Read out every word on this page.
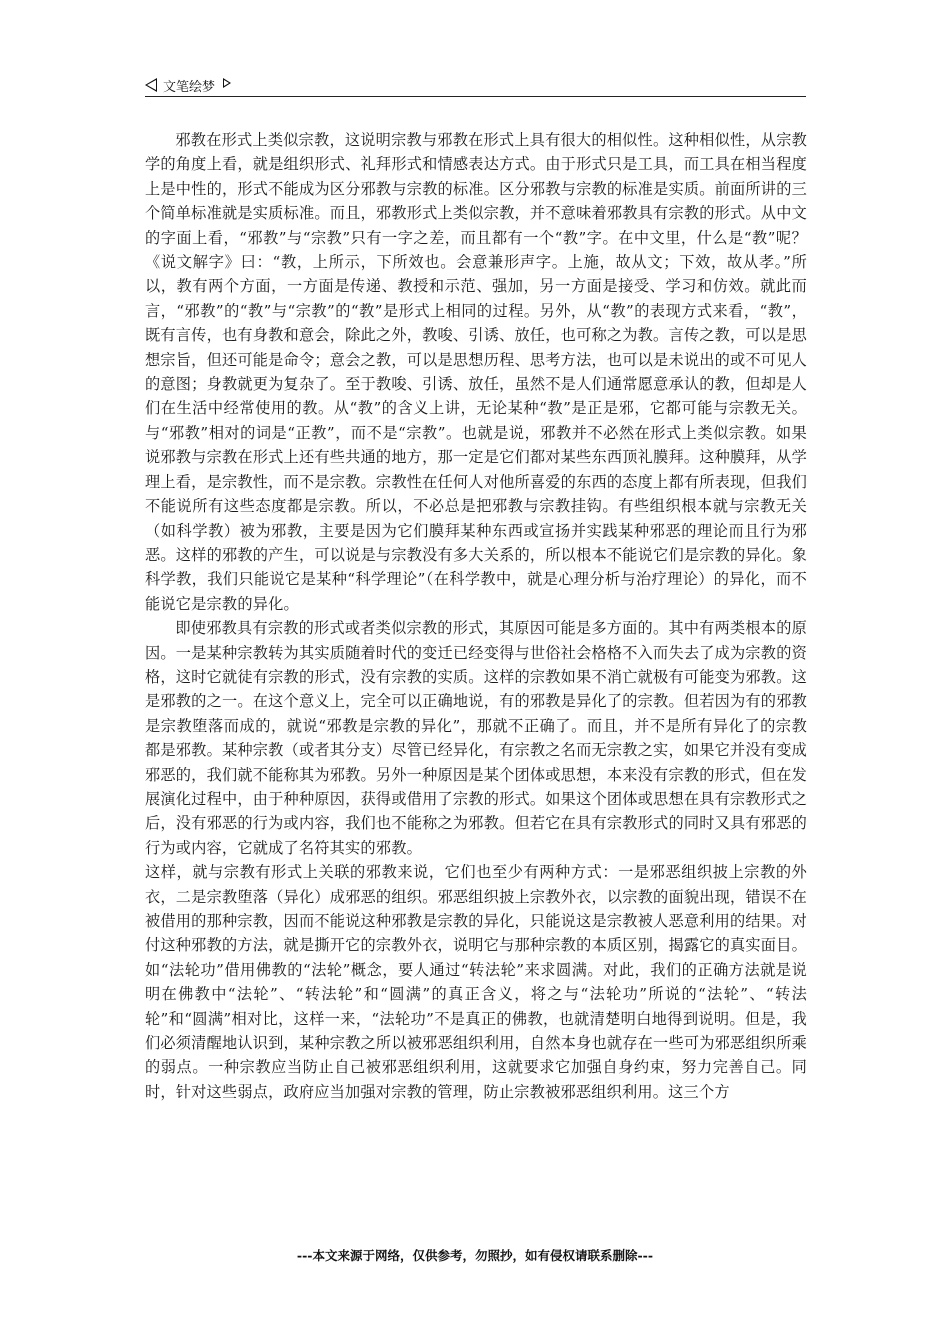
文笔绘梦

邪教在形式上类似宗教，这说明宗教与邪教在形式上具有很大的相似性。这种相似性，从宗教学的角度上看，就是组织形式、礼拜形式和情感表达方式。由于形式只是工具，而工具在相当程度上是中性的，形式不能成为区分邪教与宗教的标准。区分邪教与宗教的标准是实质。前面所讲的三个简单标准就是实质标准。而且，邪教形式上类似宗教，并不意味着邪教具有宗教的形式。从中文的字面上看，“邪教”与“宗教”只有一字之差，而且都有一个“教”字。在中文里，什么是“教”呢？《说文解字》曰：“教，上所示，下所效也。会意兼形声字。上施，故从文；下效，故从孝。”所以，教有两个方面，一方面是传递、教授和示范、强加，另一方面是接受、学习和仿效。就此而言，“邪教”的“教”与“宗教”的“教”是形式上相同的过程。另外，从“教”的表现方式来看，“教”，既有言传，也有身教和意会，除此之外，教唆、引诱、放任，也可称之为教。言传之教，可以是思想宗旨，但还可能是命令；意会之教，可以是思想历程、思考方法，也可以是未说出的或不可见人的意图；身教就更为复杂了。至于教唆、引诱、放任，虽然不是人们通常愿意承认的教，但却是人们在生活中经常使用的教。从“教”的含义上讲，无论某种“教”是正是邪，它都可能与宗教无关。与“邪教”相对的词是“正教”，而不是“宗教”。也就是说，邪教并不必然在形式上类似宗教。如果说邪教与宗教在形式上还有些共通的地方，那一定是它们都对某些东西顶礼膜拜。这种膜拜，从学理上看，是宗教性，而不是宗教。宗教性在任何人对他所喜爱的东西的态度上都有所表现，但我们不能说所有这些态度都是宗教。所以，不必总是把邪教与宗教挂钩。有些组织根本就与宗教无关（如科学教）被为邪教，主要是因为它们膜拜某种东西或宣扬并实践某种邪恶的理论而且行为邪恶。这样的邪教的产生，可以说是与宗教没有多大关系的，所以根本不能说它们是宗教的异化。象科学教，我们只能说它是某种“科学理论”（在科学教中，就是心理分析与治疗理论）的异化，而不能说它是宗教的异化。

即使邪教具有宗教的形式或者类似宗教的形式，其原因可能是多方面的。其中有两类根本的原因。一是某种宗教转为其实质随着时代的变迁已经变得与世俗社会格格不入而失去了成为宗教的资格，这时它就徒有宗教的形式，没有宗教的实质。这样的宗教如果不消亡就极有可能变为邪教。这是邪教的之一。在这个意义上，完全可以正确地说，有的邪教是异化了的宗教。但若因为有的邪教是宗教堕落而成的，就说“邪教是宗教的异化”，那就不正确了。而且，并不是所有异化了的宗教都是邪教。某种宗教（或者其分支）尽管已经异化，有宗教之名而无宗教之实，如果它并没有变成邪恶的，我们就不能称其为邪教。另外一种原因是某个团体或思想，本来没有宗教的形式，但在发展演化过程中，由于种种原因，获得或借用了宗教的形式。如果这个团体或思想在具有宗教形式之后，没有邪恶的行为或内容，我们也不能称之为邪教。但若它在具有宗教形式的同时又具有邪恶的行为或内容，它就成了名符其实的邪教。

这样，就与宗教有形式上关联的邪教来说，它们也至少有两种方式：一是邪恶组织披上宗教的外衣，二是宗教堕落（异化）成邪恶的组织。邪恶组织披上宗教外衣，以宗教的面貌出现，错误不在被借用的那种宗教，因而不能说这种邪教是宗教的异化，只能说这是宗教被人恶意利用的结果。对付这种邪教的方法，就是撕开它的宗教外衣，说明它与那种宗教的本质区别，揭露它的真实面目。如“法轮功”借用佛教的“法轮”概念，要人通过“转法轮”来求圆满。对此，我们的正确方法就是说明在佛教中“法轮”、“转法轮”和“圆满”的真正含义，将之与“法轮功”所说的“法轮”、“转法轮”和“圆满”相对比，这样一来，“法轮功”不是真正的佛教，也就清楚明白地得到说明。但是，我们必须清醒地认识到，某种宗教之所以被邪恶组织利用，自然本身也就存在一些可为邪恶组织所乘的弱点。一种宗教应当防止自己被邪恶组织利用，这就要求它加强自身约束，努力完善自己。同时，针对这些弱点，政府应当加强对宗教的管理，防止宗教被邪恶组织利用。这三个方

---本文来源于网络，仅供参考，勿照抄，如有侵权请联系删除---
